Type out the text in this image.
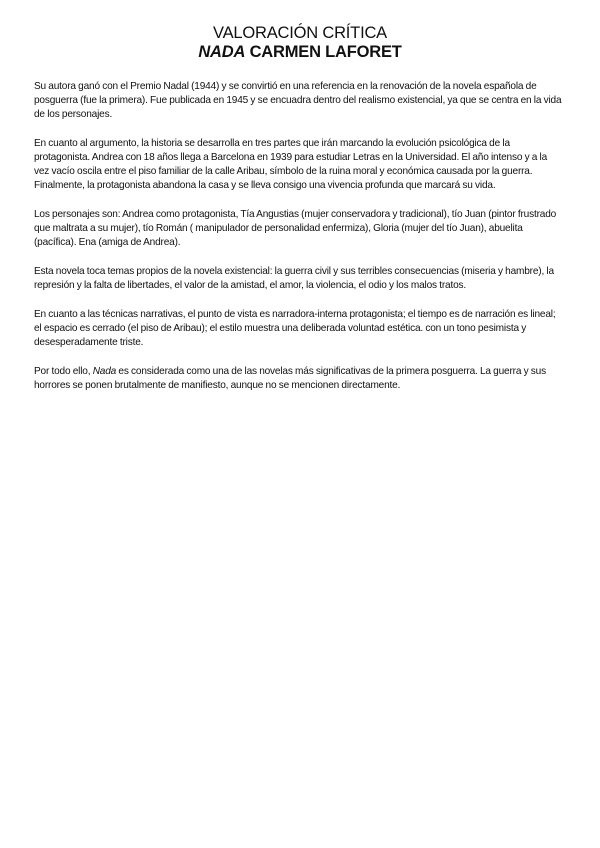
VALORACIÓN CRÍTICA
NADA CARMEN LAFORET

Su autora ganó con el Premio Nadal (1944) y se convirtió en una referencia en la renovación de la novela española de posguerra (fue la primera). Fue publicada en 1945 y se encuadra dentro del realismo existencial, ya que se centra en la vida de los personajes.

En cuanto al argumento, la historia se desarrolla en tres partes que irán marcando la evolución psicológica de la protagonista. Andrea con 18 años llega a Barcelona en 1939 para estudiar Letras en la Universidad. El año intenso y a la vez vacío oscila entre el piso familiar de la calle Aribau, símbolo de la ruina moral y económica causada por la guerra. Finalmente, la protagonista abandona la casa y se lleva consigo una vivencia profunda que marcará su vida.

Los personajes son: Andrea como protagonista, Tía Angustias (mujer conservadora y tradicional), tío Juan (pintor frustrado que maltrata a su mujer), tío Román ( manipulador de personalidad enfermiza), Gloria (mujer del tío Juan), abuelita (pacífica). Ena (amiga de Andrea).

Esta novela toca temas propios de la novela existencial: la guerra civil y sus terribles consecuencias (miseria y hambre), la represión y la falta de libertades, el valor de la amistad, el amor, la violencia, el odio y los malos tratos.

En cuanto a las técnicas narrativas, el punto de vista es narradora-interna protagonista; el tiempo es de narración es lineal; el espacio es cerrado (el piso de Aribau); el estilo muestra una deliberada voluntad estética. con un tono pesimista y desesperadamente triste.

Por todo ello, Nada es considerada como una de las novelas más significativas de la primera posguerra. La guerra y sus horrores se ponen brutalmente de manifiesto, aunque no se mencionen directamente.
